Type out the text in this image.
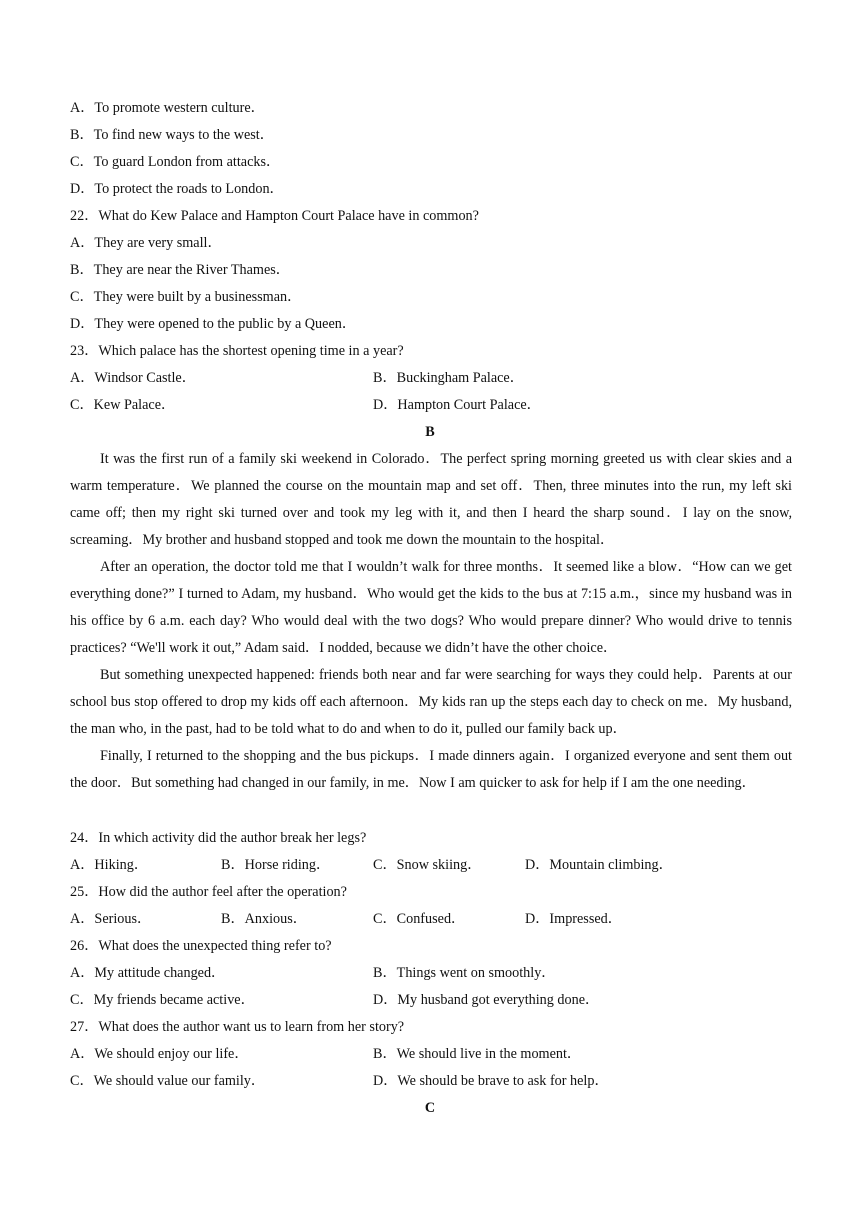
A．To promote western culture．
B．To find new ways to the west．
C．To guard London from attacks．
D．To protect the roads to London．
22．What do Kew Palace and Hampton Court Palace have in common?
A．They are very small．
B．They are near the River Thames．
C．They were built by a businessman．
D．They were opened to the public by a Queen．
23．Which palace has the shortest opening time in a year?
A．Windsor Castle．	B．Buckingham Palace．
C．Kew Palace．	D．Hampton Court Palace．
B
It was the first run of a family ski weekend in Colorado．The perfect spring morning greeted us with clear skies and a warm temperature．We planned the course on the mountain map and set off．Then, three minutes into the run, my left ski came off; then my right ski turned over and took my leg with it, and then I heard the sharp sound．I lay on the snow, screaming．My brother and husband stopped and took me down the mountain to the hospital．
After an operation, the doctor told me that I wouldn’t walk for three months．It seemed like a blow．“How can we get everything done?” I turned to Adam, my husband．Who would get the kids to the bus at 7:15 a.m.，since my husband was in his office by 6 a.m. each day? Who would deal with the two dogs? Who would prepare dinner? Who would drive to tennis practices? “We'll work it out,” Adam said．I nodded, because we didn’t have the other choice．
But something unexpected happened: friends both near and far were searching for ways they could help．Parents at our school bus stop offered to drop my kids off each afternoon．My kids ran up the steps each day to check on me．My husband, the man who, in the past, had to be told what to do and when to do it, pulled our family back up．
Finally, I returned to the shopping and the bus pickups．I made dinners again．I organized everyone and sent them out the door．But something had changed in our family, in me．Now I am quicker to ask for help if I am the one needing．
24．In which activity did the author break her legs?
A．Hiking．	B．Horse riding．	C．Snow skiing．	D．Mountain climbing．
25．How did the author feel after the operation?
A．Serious．	B．Anxious．	C．Confused．	D．Impressed．
26．What does the unexpected thing refer to?
A．My attitude changed．	B．Things went on smoothly．
C．My friends became active．	D．My husband got everything done．
27．What does the author want us to learn from her story?
A．We should enjoy our life．	B．We should live in the moment．
C．We should value our family．	D．We should be brave to ask for help．
C
